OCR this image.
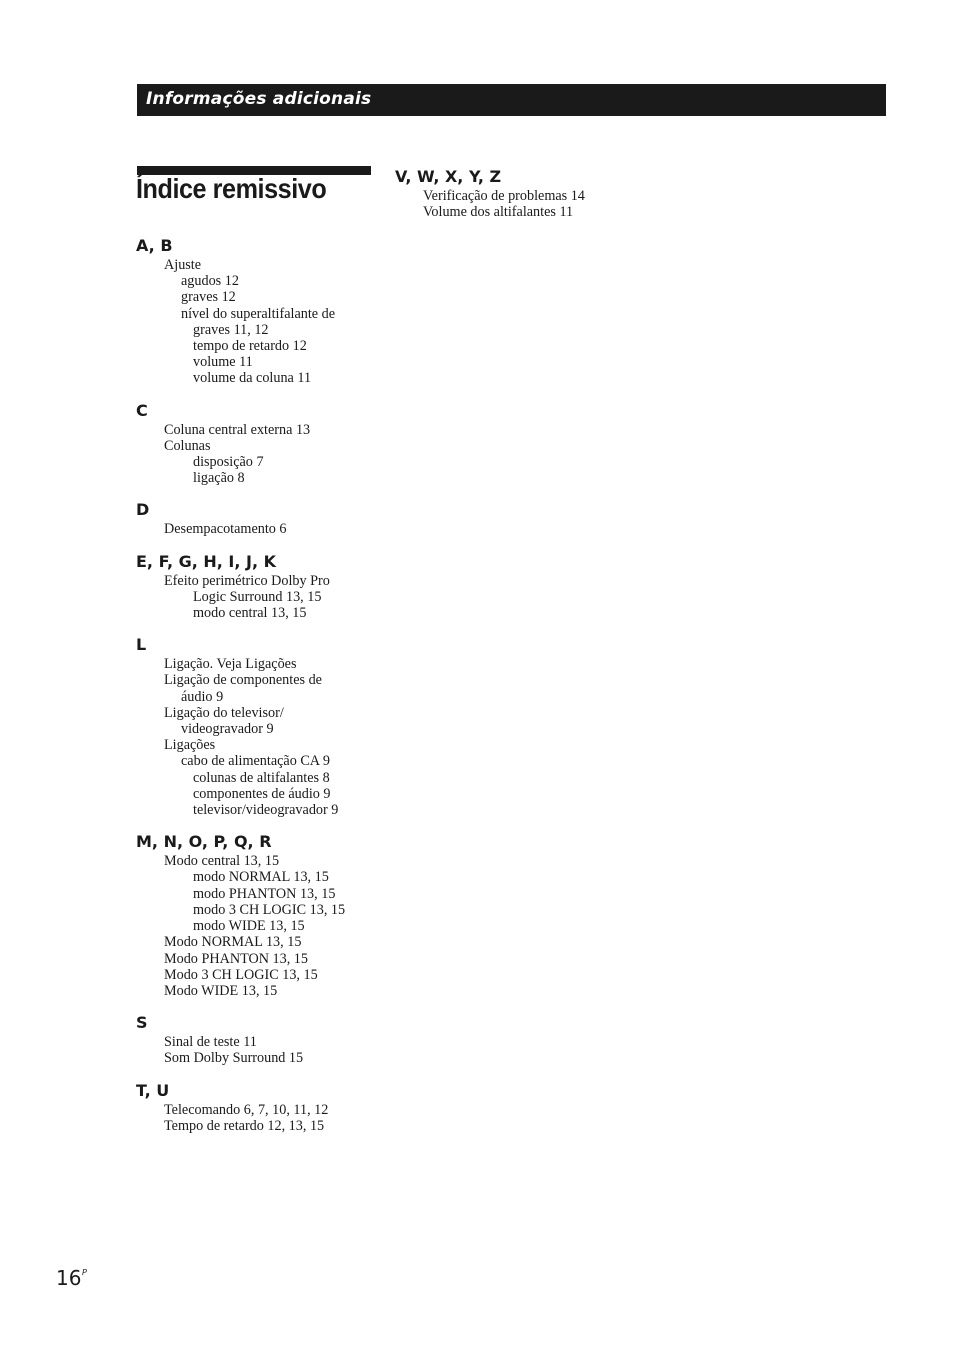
Informações adicionais
Índice remissivo
A, B
Ajuste
agudos 12
graves 12
nível do superaltifalante de
graves 11, 12
tempo de retardo 12
volume 11
volume da coluna 11
C
Coluna central externa 13
Colunas
disposição 7
ligação 8
D
Desempacotamento 6
E, F, G, H, I, J, K
Efeito perimétrico Dolby Pro
Logic Surround 13, 15
modo central 13, 15
L
Ligação. Veja Ligações
Ligação de componentes de
áudio 9
Ligação do televisor/
videogravador 9
Ligações
cabo de alimentação CA 9
colunas de altifalantes 8
componentes de áudio 9
televisor/videogravador 9
M, N, O, P, Q, R
Modo central 13, 15
modo NORMAL 13, 15
modo PHANTON 13, 15
modo 3 CH LOGIC 13, 15
modo WIDE 13, 15
Modo NORMAL 13, 15
Modo PHANTON 13, 15
Modo 3 CH LOGIC 13, 15
Modo WIDE 13, 15
S
Sinal de teste 11
Som Dolby Surround 15
T, U
Telecomando 6, 7, 10, 11, 12
Tempo de retardo 12, 13, 15
V, W, X, Y, Z
Verificação de problemas 14
Volume dos altifalantes 11
16 P
